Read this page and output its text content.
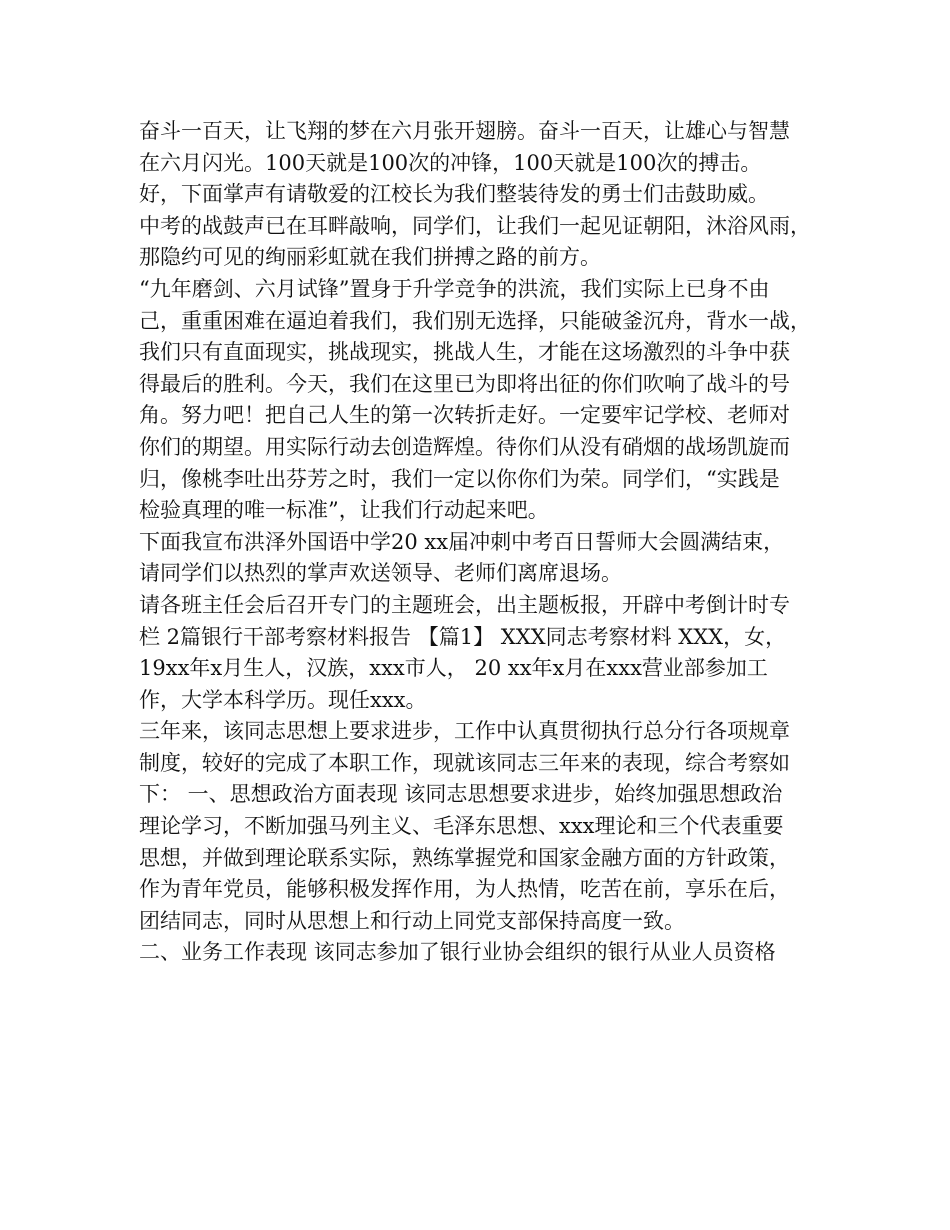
奋斗一百天，让飞翔的梦在六月张开翅膀。奋斗一百天，让雄心与智慧
在六月闪光。100天就是100次的冲锋，100天就是100次的搏击。
好，下面掌声有请敬爱的江校长为我们整装待发的勇士们击鼓助威。
中考的战鼓声已在耳畔敲响，同学们，让我们一起见证朝阳，沐浴风雨，
那隐约可见的绚丽彩虹就在我们拼搏之路的前方。
“九年磨剑、六月试锋”置身于升学竞争的洪流，我们实际上已身不由
己，重重困难在逼迫着我们，我们别无选择，只能破釜沉舟，背水一战，
我们只有直面现实，挑战现实，挑战人生，才能在这场激烈的斗争中获
得最后的胜利。今天，我们在这里已为即将出征的你们吹响了战斗的号
角。努力吧！把自己人生的第一次转折走好。一定要牢记学校、老师对
你们的期望。用实际行动去创造辉煌。待你们从没有硝烟的战场凯旋而
归，像桃李吐出芬芳之时，我们一定以你你们为荣。同学们，“实践是
检验真理的唯一标准”，让我们行动起来吧。
下面我宣布洪泽外国语中学20 xx届冲刺中考百日誓师大会圆满结束，
请同学们以热烈的掌声欢送领导、老师们离席退场。
请各班主任会后召开专门的主题班会，出主题板报，开辟中考倒计时专
栏 2篇银行干部考察材料报告 【篇1】 XXX同志考察材料 XXX，女，
19xx年x月生人，汉族，xxx市人， 20 xx年x月在xxx营业部参加工
作，大学本科学历。现任xxx。
三年来，该同志思想上要求进步，工作中认真贯彻执行总分行各项规章
制度，较好的完成了本职工作，现就该同志三年来的表现，综合考察如
下： 一、思想政治方面表现 该同志思想要求进步，始终加强思想政治
理论学习，不断加强马列主义、毛泽东思想、xxx理论和三个代表重要
思想，并做到理论联系实际，熟练掌握党和国家金融方面的方针政策，
作为青年党员，能够积极发挥作用，为人热情，吃苦在前，享乐在后，
团结同志，同时从思想上和行动上同党支部保持高度一致。
二、业务工作表现 该同志参加了银行业协会组织的银行从业人员资格
